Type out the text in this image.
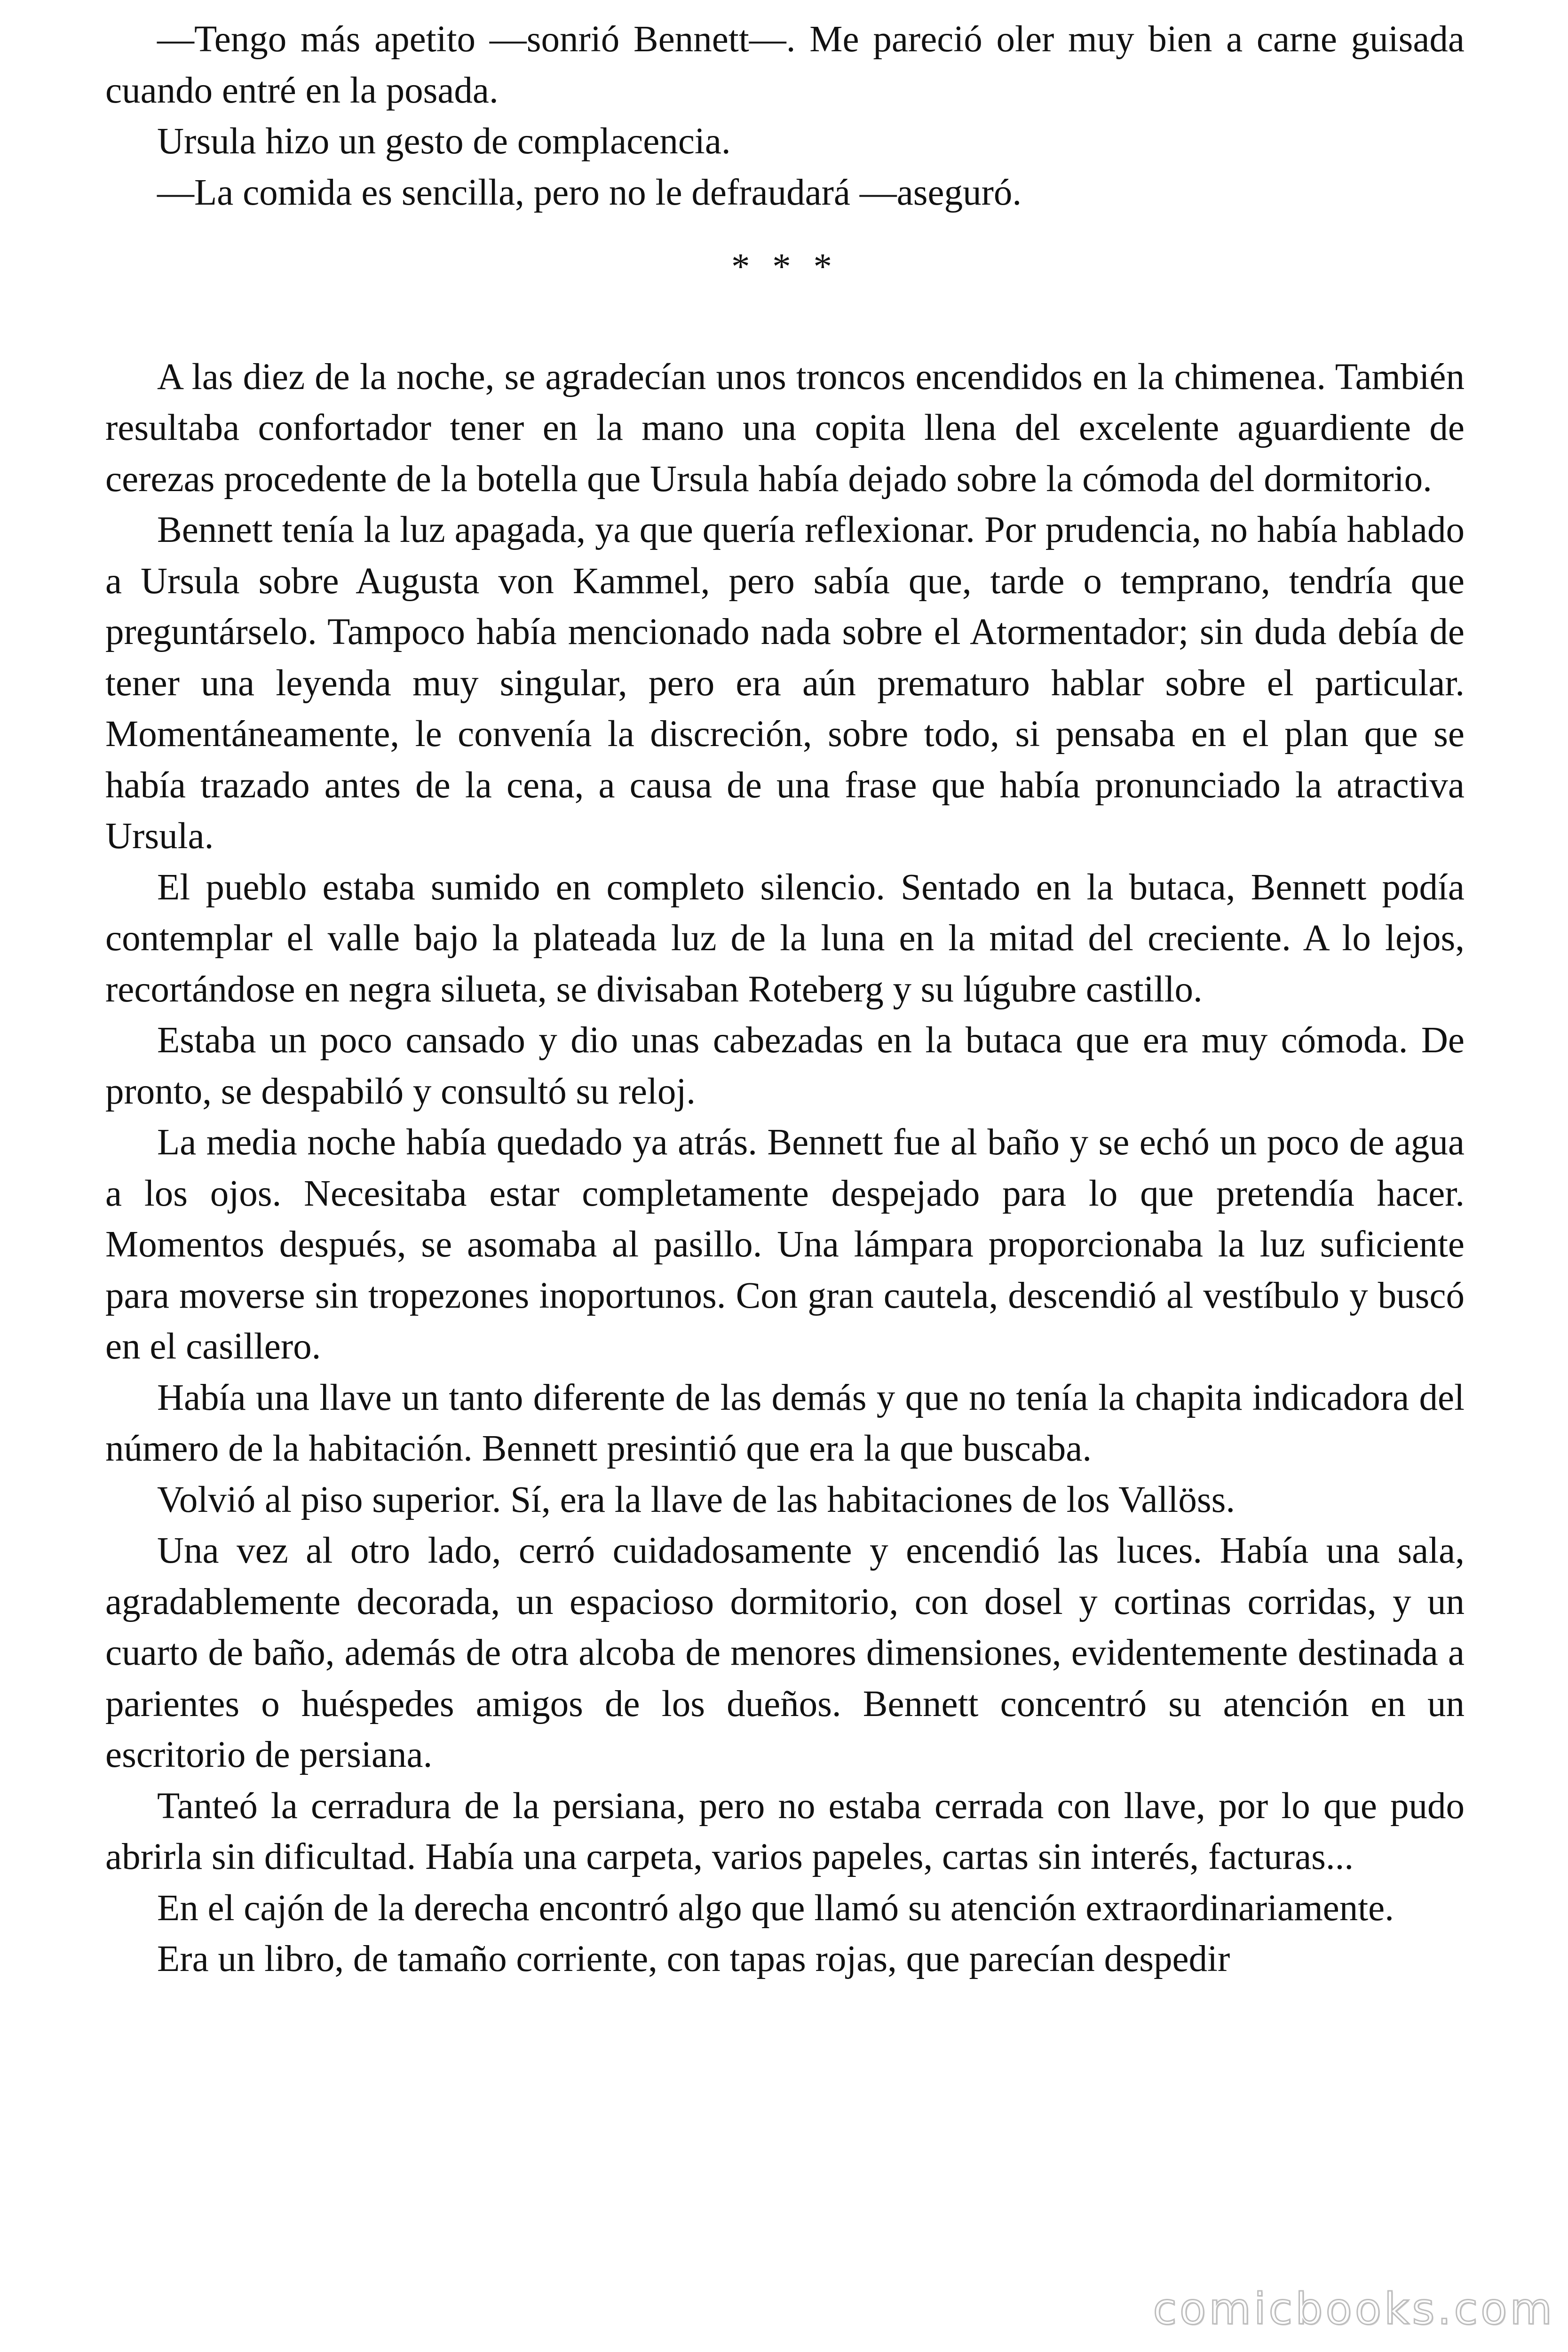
—Tengo más apetito —sonrió Bennett—. Me pareció oler muy bien a carne guisada cuando entré en la posada.

Ursula hizo un gesto de complacencia.

—La comida es sencilla, pero no le defraudará —aseguró.

* * *

A las diez de la noche, se agradecían unos troncos encendidos en la chimenea. También resultaba confortador tener en la mano una copita llena del excelente aguardiente de cerezas procedente de la botella que Ursula había dejado sobre la cómoda del dormitorio.

Bennett tenía la luz apagada, ya que quería reflexionar. Por prudencia, no había hablado a Ursula sobre Augusta von Kammel, pero sabía que, tarde o temprano, tendría que preguntárselo. Tampoco había mencionado nada sobre el Atormentador; sin duda debía de tener una leyenda muy singular, pero era aún prematuro hablar sobre el particular. Momentáneamente, le convenía la discreción, sobre todo, si pensaba en el plan que se había trazado antes de la cena, a causa de una frase que había pronunciado la atractiva Ursula.

El pueblo estaba sumido en completo silencio. Sentado en la butaca, Bennett podía contemplar el valle bajo la plateada luz de la luna en la mitad del creciente. A lo lejos, recortándose en negra silueta, se divisaban Roteberg y su lúgubre castillo.

Estaba un poco cansado y dio unas cabezadas en la butaca que era muy cómoda. De pronto, se despabiló y consultó su reloj.

La media noche había quedado ya atrás. Bennett fue al baño y se echó un poco de agua a los ojos. Necesitaba estar completamente despejado para lo que pretendía hacer. Momentos después, se asomaba al pasillo. Una lámpara proporcionaba la luz suficiente para moverse sin tropezones inoportunos. Con gran cautela, descendió al vestíbulo y buscó en el casillero.

Había una llave un tanto diferente de las demás y que no tenía la chapita indicadora del número de la habitación. Bennett presintió que era la que buscaba.

Volvió al piso superior. Sí, era la llave de las habitaciones de los Vallöss.

Una vez al otro lado, cerró cuidadosamente y encendió las luces. Había una sala, agradablemente decorada, un espacioso dormitorio, con dosel y cortinas corridas, y un cuarto de baño, además de otra alcoba de menores dimensiones, evidentemente destinada a parientes o huéspedes amigos de los dueños. Bennett concentró su atención en un escritorio de persiana.

Tanteó la cerradura de la persiana, pero no estaba cerrada con llave, por lo que pudo abrirla sin dificultad. Había una carpeta, varios papeles, cartas sin interés, facturas...

En el cajón de la derecha encontró algo que llamó su atención extraordinariamente.

Era un libro, de tamaño corriente, con tapas rojas, que parecían despedir

comicbooks.com
